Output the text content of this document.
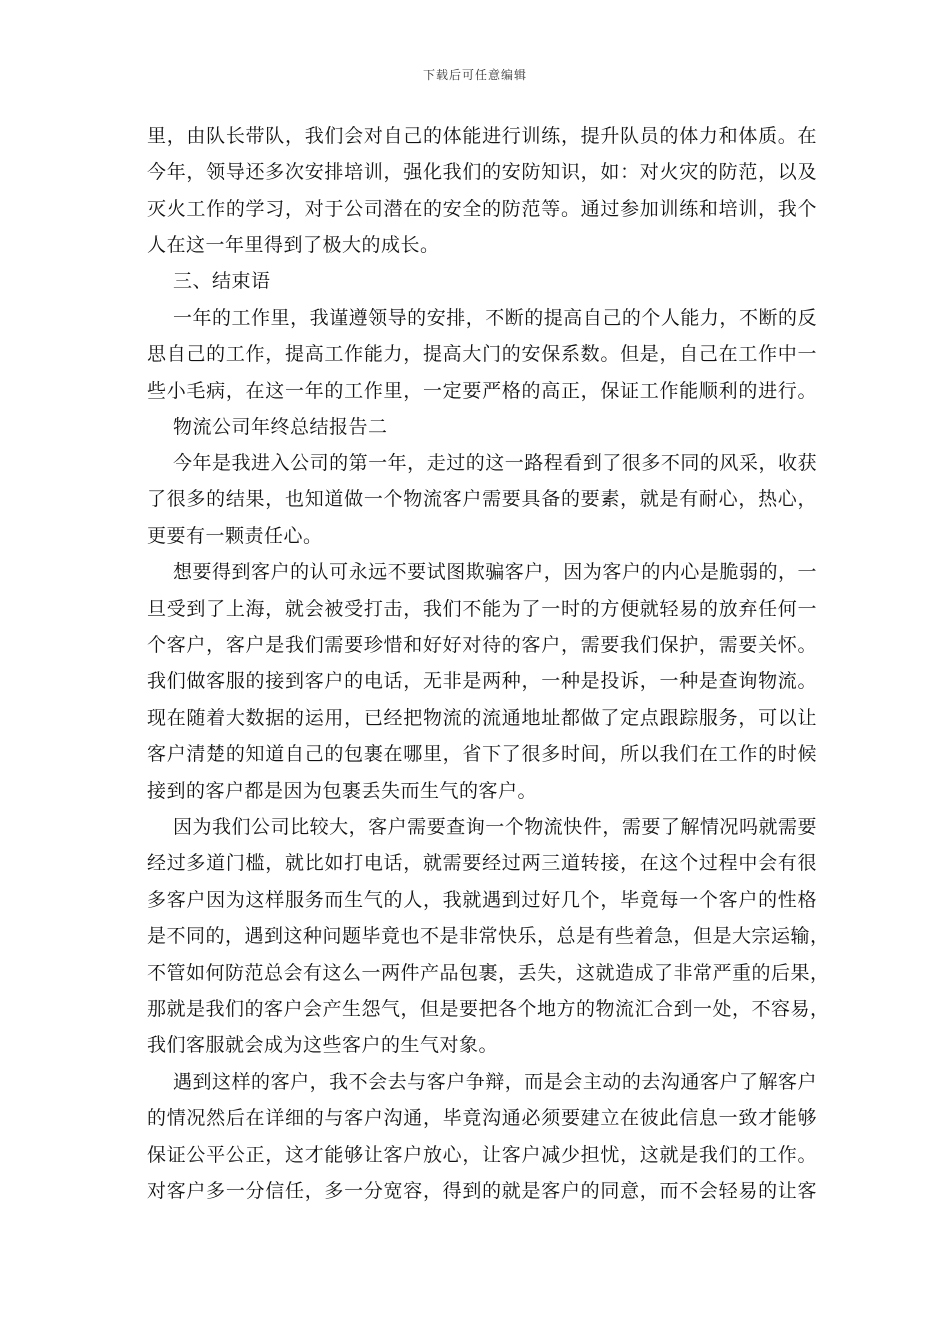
下载后可任意编辑
里，由队长带队，我们会对自己的体能进行训练，提升队员的体力和体质。在
今年，领导还多次安排培训，强化我们的安防知识，如：对火灾的防范，以及
灭火工作的学习，对于公司潜在的安全的防范等。通过参加训练和培训，我个
人在这一年里得到了极大的成长。
三、结束语
一年的工作里，我谨遵领导的安排，不断的提高自己的个人能力，不断的反
思自己的工作，提高工作能力，提高大门的安保系数。但是，自己在工作中一
些小毛病，在这一年的工作里，一定要严格的高正，保证工作能顺利的进行。
物流公司年终总结报告二
今年是我进入公司的第一年，走过的这一路程看到了很多不同的风采，收获
了很多的结果，也知道做一个物流客户需要具备的要素，就是有耐心，热心，
更要有一颗责任心。
想要得到客户的认可永远不要试图欺骗客户，因为客户的内心是脆弱的，一
旦受到了上海，就会被受打击，我们不能为了一时的方便就轻易的放弃任何一
个客户，客户是我们需要珍惜和好好对待的客户，需要我们保护，需要关怀。
我们做客服的接到客户的电话，无非是两种，一种是投诉，一种是查询物流。
现在随着大数据的运用，已经把物流的流通地址都做了定点跟踪服务，可以让
客户清楚的知道自己的包裹在哪里，省下了很多时间，所以我们在工作的时候
接到的客户都是因为包裹丢失而生气的客户。
因为我们公司比较大，客户需要查询一个物流快件，需要了解情况吗就需要
经过多道门槛，就比如打电话，就需要经过两三道转接，在这个过程中会有很
多客户因为这样服务而生气的人，我就遇到过好几个，毕竟每一个客户的性格
是不同的，遇到这种问题毕竟也不是非常快乐，总是有些着急，但是大宗运输，
不管如何防范总会有这么一两件产品包裹，丢失，这就造成了非常严重的后果，
那就是我们的客户会产生怨气，但是要把各个地方的物流汇合到一处，不容易，
我们客服就会成为这些客户的生气对象。
遇到这样的客户，我不会去与客户争辩，而是会主动的去沟通客户了解客户
的情况然后在详细的与客户沟通，毕竟沟通必须要建立在彼此信息一致才能够
保证公平公正，这才能够让客户放心，让客户减少担忧，这就是我们的工作。
对客户多一分信任，多一分宽容，得到的就是客户的同意，而不会轻易的让客
